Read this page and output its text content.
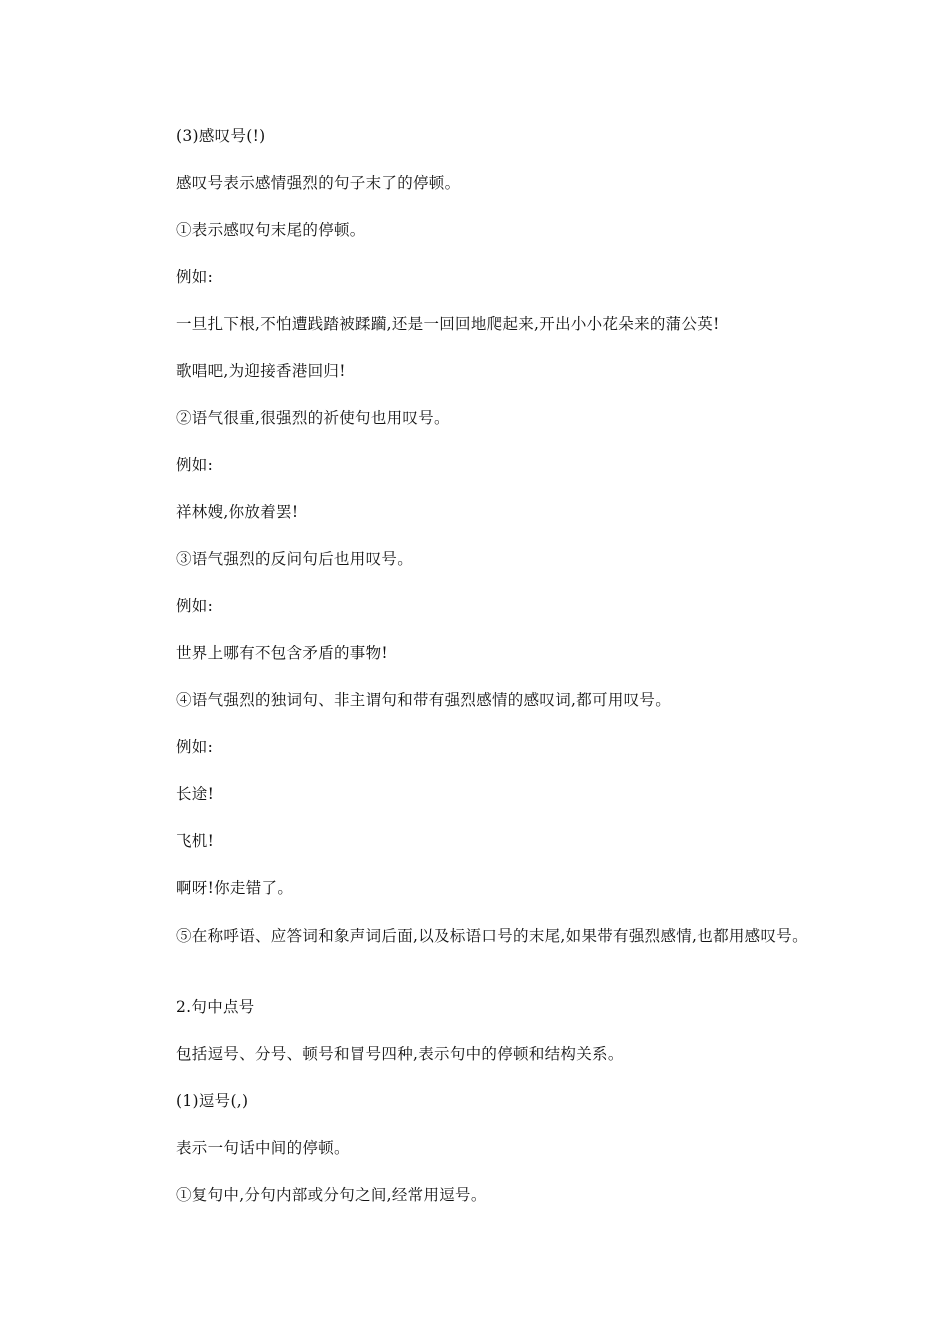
(3)感叹号(!)

感叹号表示感情强烈的句子末了的停顿。

①表示感叹句末尾的停顿。

例如:

一旦扎下根,不怕遭践踏被蹂躏,还是一回回地爬起来,开出小小花朵来的蒲公英!

歌唱吧,为迎接香港回归!

②语气很重,很强烈的祈使句也用叹号。

例如:

祥林嫂,你放着罢!

③语气强烈的反问句后也用叹号。

例如:

世界上哪有不包含矛盾的事物!

④语气强烈的独词句、非主谓句和带有强烈感情的感叹词,都可用叹号。

例如:

长途!

飞机!

啊呀!你走错了。

⑤在称呼语、应答词和象声词后面,以及标语口号的末尾,如果带有强烈感情,也都用感叹号。

2.句中点号

包括逗号、分号、顿号和冒号四种,表示句中的停顿和结构关系。

(1)逗号(,)

表示一句话中间的停顿。

①复句中,分句内部或分句之间,经常用逗号。
